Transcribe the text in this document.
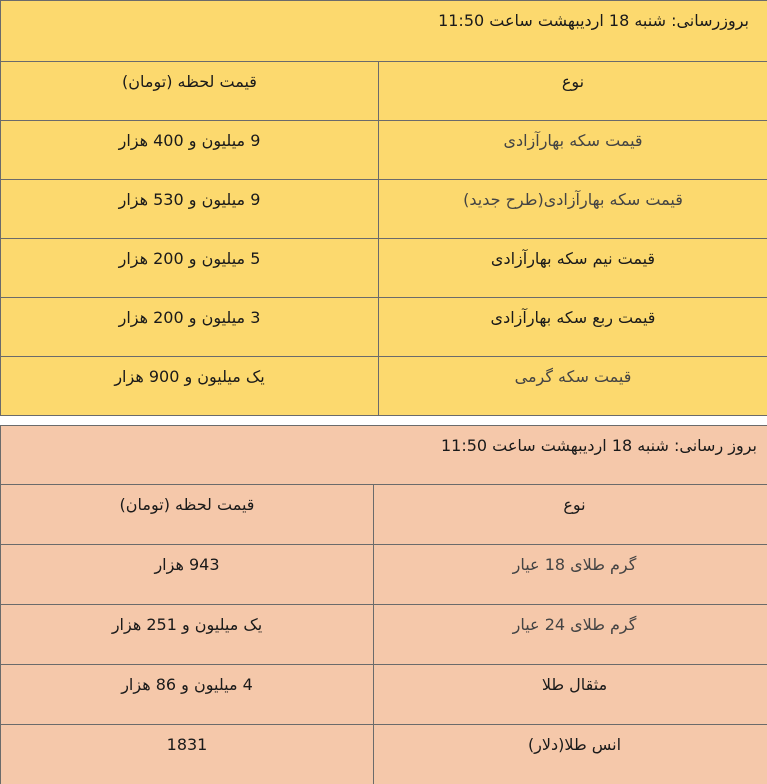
بروزرسانی: شنبه 18 اردیبهشت ساعت 11:50	
نوع	قیمت لحظه (تومان)
قیمت سکه بهارآزادی	9 میلیون و 400 هزار
قیمت سکه بهارآزادی(طرح جدید)	9 میلیون و 530 هزار
قیمت نیم سکه بهارآزادی	5 میلیون و 200 هزار
قیمت ربع سکه بهارآزادی	3 میلیون و 200 هزار
قیمت سکه گرمی	یک میلیون و 900 هزار
بروز رسانی: شنبه 18 اردیبهشت ساعت 11:50	
نوع	قیمت لحظه (تومان)
گرم طلای 18 عیار	943 هزار
گرم طلای 24 عیار	یک میلیون و 251 هزار
مثقال طلا	4 میلیون و 86 هزار
انس طلا(دلار)	1831
